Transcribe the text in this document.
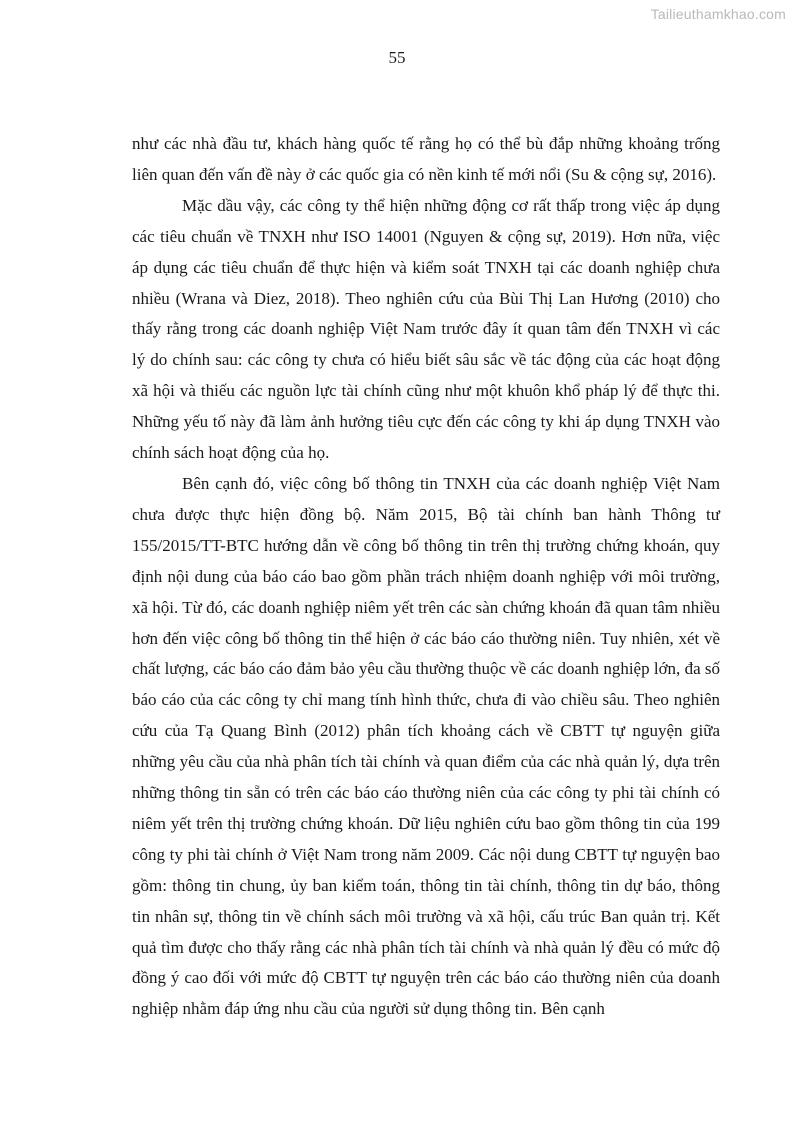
Tailieuthamkhao.com
55

như các nhà đầu tư, khách hàng quốc tế rằng họ có thể bù đắp những khoảng trống liên quan đến vấn đề này ở các quốc gia có nền kinh tế mới nổi (Su & cộng sự, 2016).

Mặc dầu vậy, các công ty thể hiện những động cơ rất thấp trong việc áp dụng các tiêu chuẩn về TNXH như ISO 14001 (Nguyen & cộng sự, 2019). Hơn nữa, việc áp dụng các tiêu chuẩn để thực hiện và kiểm soát TNXH tại các doanh nghiệp chưa nhiều (Wrana và Diez, 2018). Theo nghiên cứu của Bùi Thị Lan Hương (2010) cho thấy rằng trong các doanh nghiệp Việt Nam trước đây ít quan tâm đến TNXH vì các lý do chính sau: các công ty chưa có hiểu biết sâu sắc về tác động của các hoạt động xã hội và thiếu các nguồn lực tài chính cũng như một khuôn khổ pháp lý để thực thi. Những yếu tố này đã làm ảnh hưởng tiêu cực đến các công ty khi áp dụng TNXH vào chính sách hoạt động của họ.

Bên cạnh đó, việc công bố thông tin TNXH của các doanh nghiệp Việt Nam chưa được thực hiện đồng bộ. Năm 2015, Bộ tài chính ban hành Thông tư 155/2015/TT-BTC hướng dẫn về công bố thông tin trên thị trường chứng khoán, quy định nội dung của báo cáo bao gồm phần trách nhiệm doanh nghiệp với môi trường, xã hội. Từ đó, các doanh nghiệp niêm yết trên các sàn chứng khoán đã quan tâm nhiều hơn đến việc công bố thông tin thể hiện ở các báo cáo thường niên. Tuy nhiên, xét về chất lượng, các báo cáo đảm bảo yêu cầu thường thuộc về các doanh nghiệp lớn, đa số báo cáo của các công ty chỉ mang tính hình thức, chưa đi vào chiều sâu. Theo nghiên cứu của Tạ Quang Bình (2012) phân tích khoảng cách về CBTT tự nguyện giữa những yêu cầu của nhà phân tích tài chính và quan điểm của các nhà quản lý, dựa trên những thông tin sẵn có trên các báo cáo thường niên của các công ty phi tài chính có niêm yết trên thị trường chứng khoán. Dữ liệu nghiên cứu bao gồm thông tin của 199 công ty phi tài chính ở Việt Nam trong năm 2009. Các nội dung CBTT tự nguyện bao gồm: thông tin chung, ủy ban kiểm toán, thông tin tài chính, thông tin dự báo, thông tin nhân sự, thông tin về chính sách môi trường và xã hội, cấu trúc Ban quản trị. Kết quả tìm được cho thấy rằng các nhà phân tích tài chính và nhà quản lý đều có mức độ đồng ý cao đối với mức độ CBTT tự nguyện trên các báo cáo thường niên của doanh nghiệp nhằm đáp ứng nhu cầu của người sử dụng thông tin. Bên cạnh
